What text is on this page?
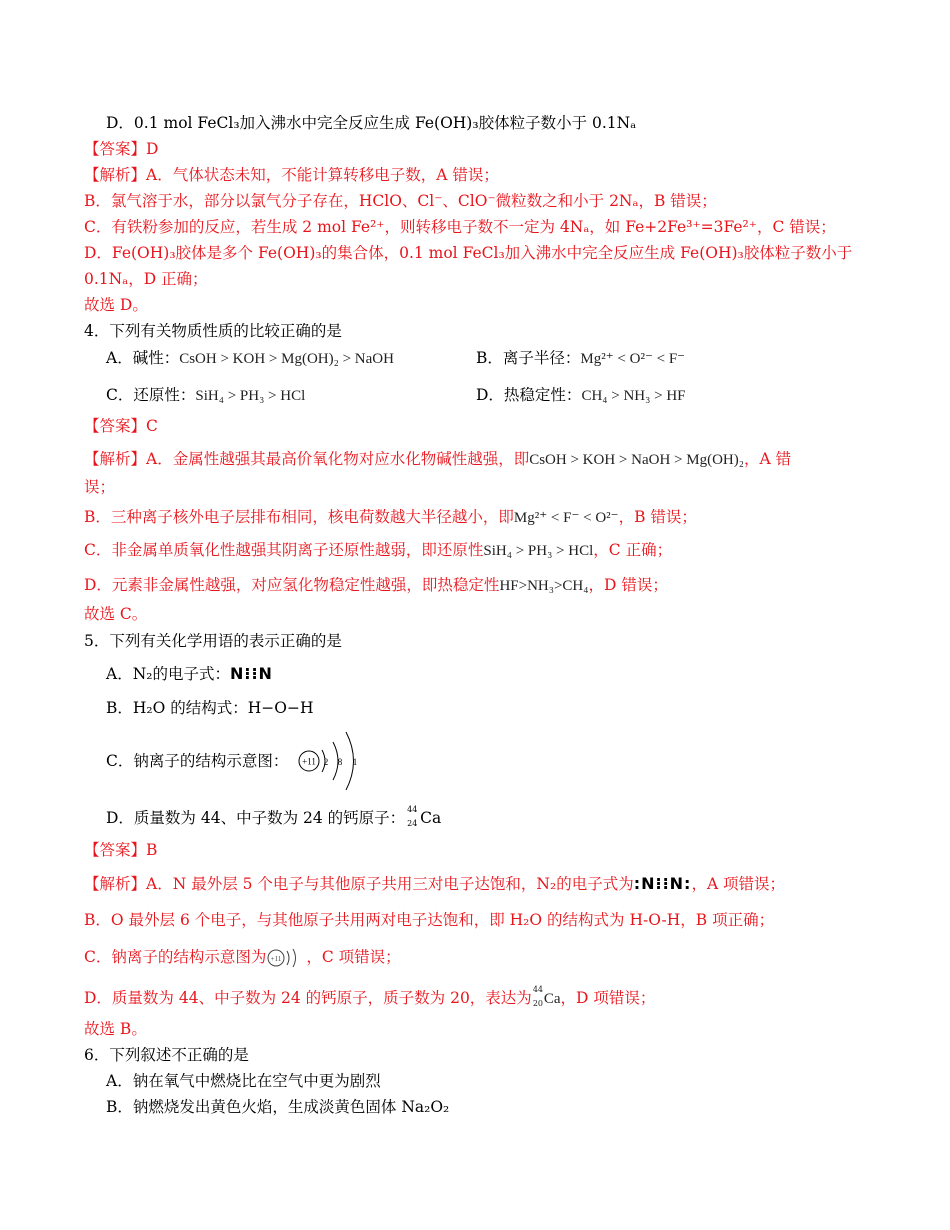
D．0.1 mol FeCl₃加入沸水中完全反应生成 Fe(OH)₃胶体粒子数小于 0.1Nₐ
【答案】D
【解析】A．气体状态未知，不能计算转移电子数，A 错误；
B．氯气溶于水，部分以氯气分子存在，HClO、Cl⁻、ClO⁻微粒数之和小于 2Nₐ，B 错误；
C．有铁粉参加的反应，若生成 2 mol Fe²⁺，则转移电子数不一定为 4Nₐ，如 Fe+2Fe³⁺=3Fe²⁺，C 错误；
D．Fe(OH)₃胶体是多个 Fe(OH)₃的集合体，0.1 mol FeCl₃加入沸水中完全反应生成 Fe(OH)₃胶体粒子数小于
0.1Nₐ，D 正确；
故选 D。
4．下列有关物质性质的比较正确的是
A．碱性：CsOH > KOH > Mg(OH)₂ > NaOH	B．离子半径：Mg²⁺ < O²⁻ < F⁻
C．还原性：SiH₄ > PH₃ > HCl	D．热稳定性：CH₄ > NH₃ > HF
【答案】C
【解析】A．金属性越强其最高价氧化物对应水化物碱性越强，即CsOH > KOH > NaOH > Mg(OH)₂，A 错
误；
B．三种离子核外电子层排布相同，核电荷数越大半径越小，即Mg²⁺ < F⁻ < O²⁻，B 错误；
C．非金属单质氧化性越强其阴离子还原性越弱，即还原性SiH₄ > PH₃ > HCl，C 正确；
D．元素非金属性越强，对应氢化物稳定性越强，即热稳定性HF>NH₃>CH₄，D 错误；
故选 C。
5．下列有关化学用语的表示正确的是
A．N₂的电子式：N⁝⁝N
B．H₂O 的结构式：H−O−H
C．钠离子的结构示意图： +11 2 8 1
D．质量数为 44、中子数为 24 的钙原子： 44
24 Ca
【答案】B
【解析】A．N 最外层 5 个电子与其他原子共用三对电子达饱和，N₂的电子式为:N⁝⁝N:，A 项错误；
B．O 最外层 6 个电子，与其他原子共用两对电子达饱和，即 H₂O 的结构式为 H-O-H，B 项正确；
C．钠离子的结构示意图为 +11 ，C 项错误；
D．质量数为 44、中子数为 24 的钙原子，质子数为 20，表达为 44
20 Ca，D 项错误；
故选 B。
6．下列叙述不正确的是
A．钠在氧气中燃烧比在空气中更为剧烈
B．钠燃烧发出黄色火焰，生成淡黄色固体 Na₂O₂
